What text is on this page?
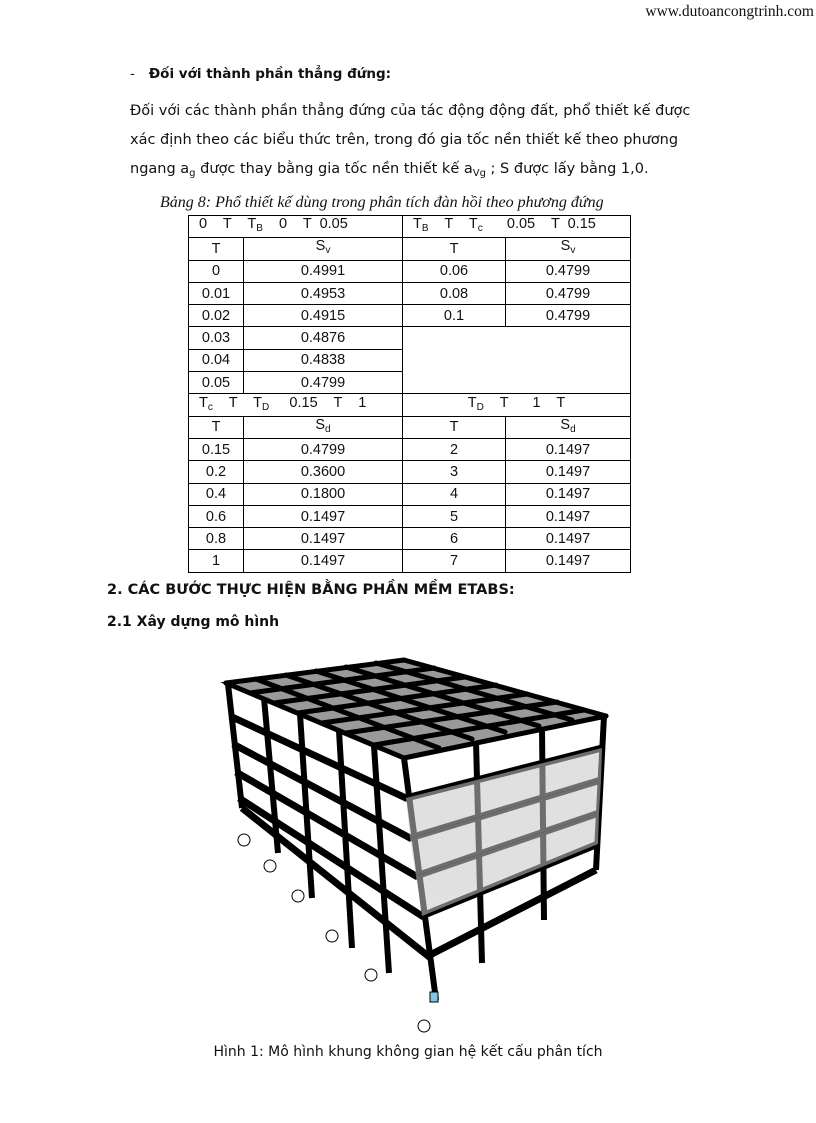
www.dutoancongtrinh.com
- Đối với thành phần thẳng đứng:
Đối với các thành phần thẳng đứng của tác động động đất, phổ thiết kế được
xác định theo các biểu thức trên, trong đó gia tốc nền thiết kế theo phương
ngang $a_g$ được thay bằng gia tốc nền thiết kế $a_{Vg}$ ; S được lấy bằng 1,0.
Bảng 8: Phổ thiết kế dùng trong phân tích đàn hồi theo phương đứng
0    T    $T_B$    0    T  0.05		$T_B$    T    $T_c$      0.05    T  0.15	
T	$S_v$	T	$S_v$
0	0.4991	0.06	0.4799
0.01	0.4953	0.08	0.4799
0.02	0.4915	0.1	0.4799
0.03	0.4876		
0.04	0.4838		
0.05	0.4799		
$T_c$    T    $T_D$     0.15    T    1		$T_D$    T      1    T	
T	$S_d$	T	$S_d$
0.15	0.4799	2	0.1497
0.2	0.3600	3	0.1497
0.4	0.1800	4	0.1497
0.6	0.1497	5	0.1497
0.8	0.1497	6	0.1497
1	0.1497	7	0.1497
2. CÁC BƯỚC THỰC HIỆN BẰNG PHẦN MỀM ETABS:
2.1 Xây dựng mô hình
Hình 1: Mô hình khung không gian hệ kết cấu phân tích
